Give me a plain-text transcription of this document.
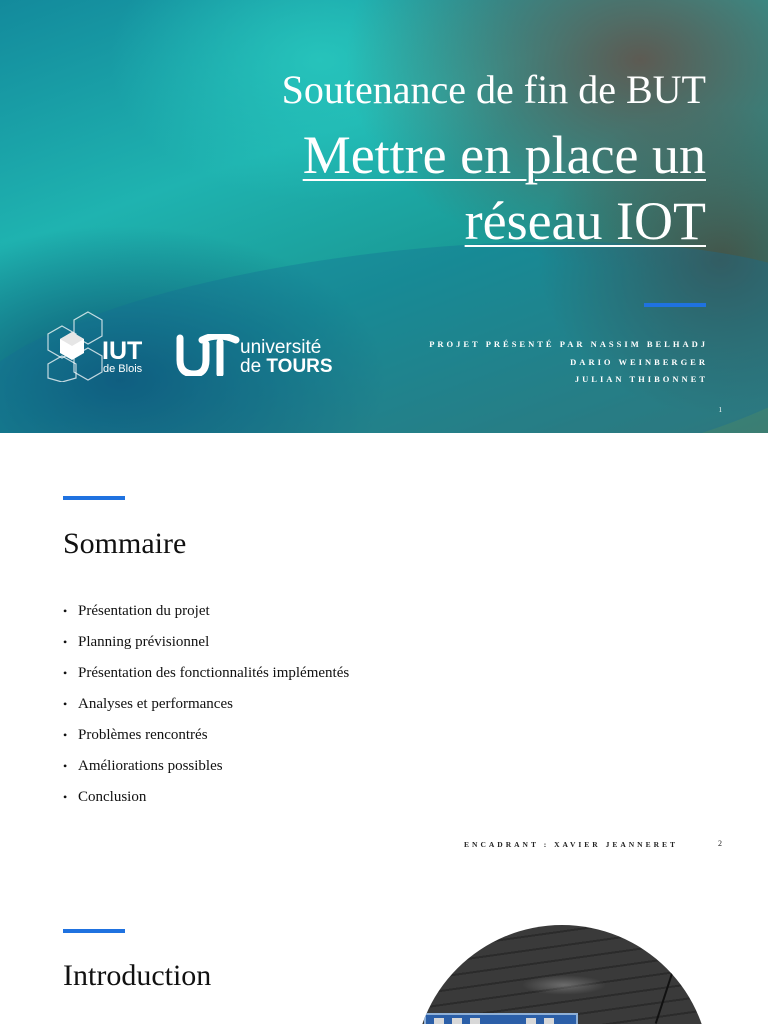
Soutenance de fin de BUT
Mettre en place un
réseau IOT
PROJET PRÉSENTÉ PAR NASSIM BELHADJ
DARIO WEINBERGER
JULIAN THIBONNET
1
IUT
de Blois
université
de TOURS
Sommaire
• Présentation du projet
• Planning prévisionnel
• Présentation des fonctionnalités implémentés
• Analyses et performances
• Problèmes rencontrés
• Améliorations possibles
• Conclusion
ENCADRANT : XAVIER JEANNERET	2
Introduction
